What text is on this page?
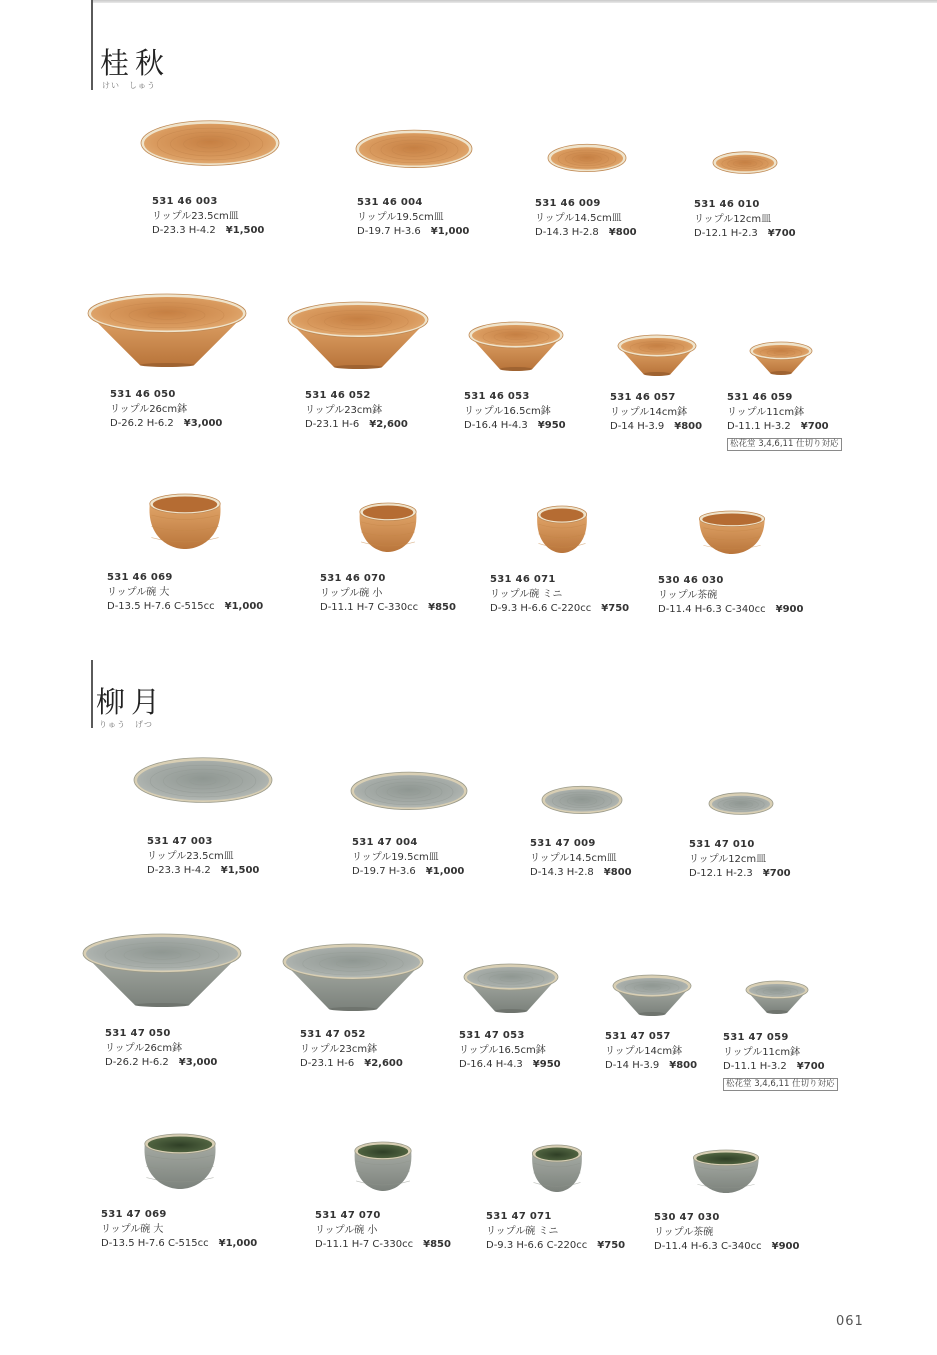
桂秋
けい　しゅう
柳月
りゅう　げつ
531 46 003
リップル23.5cm皿
D-23.3 H-4.2 ¥1,500
531 46 004
リップル19.5cm皿
D-19.7 H-3.6 ¥1,000
531 46 009
リップル14.5cm皿
D-14.3 H-2.8 ¥800
531 46 010
リップル12cm皿
D-12.1 H-2.3 ¥700
531 46 050
リップル26cm鉢
D-26.2 H-6.2 ¥3,000
531 46 052
リップル23cm鉢
D-23.1 H-6 ¥2,600
531 46 053
リップル16.5cm鉢
D-16.4 H-4.3 ¥950
531 46 057
リップル14cm鉢
D-14 H-3.9 ¥800
531 46 059
リップル11cm鉢
D-11.1 H-3.2 ¥700
松花堂 3,4,6,11 仕切り対応
531 46 069
リップル碗 大
D-13.5 H-7.6 C-515cc ¥1,000
531 46 070
リップル碗 小
D-11.1 H-7 C-330cc ¥850
531 46 071
リップル碗 ミニ
D-9.3 H-6.6 C-220cc ¥750
530 46 030
リップル茶碗
D-11.4 H-6.3 C-340cc ¥900
531 47 003
リップル23.5cm皿
D-23.3 H-4.2 ¥1,500
531 47 004
リップル19.5cm皿
D-19.7 H-3.6 ¥1,000
531 47 009
リップル14.5cm皿
D-14.3 H-2.8 ¥800
531 47 010
リップル12cm皿
D-12.1 H-2.3 ¥700
531 47 050
リップル26cm鉢
D-26.2 H-6.2 ¥3,000
531 47 052
リップル23cm鉢
D-23.1 H-6 ¥2,600
531 47 053
リップル16.5cm鉢
D-16.4 H-4.3 ¥950
531 47 057
リップル14cm鉢
D-14 H-3.9 ¥800
531 47 059
リップル11cm鉢
D-11.1 H-3.2 ¥700
松花堂 3,4,6,11 仕切り対応
531 47 069
リップル碗 大
D-13.5 H-7.6 C-515cc ¥1,000
531 47 070
リップル碗 小
D-11.1 H-7 C-330cc ¥850
531 47 071
リップル碗 ミニ
D-9.3 H-6.6 C-220cc ¥750
530 47 030
リップル茶碗
D-11.4 H-6.3 C-340cc ¥900
061
